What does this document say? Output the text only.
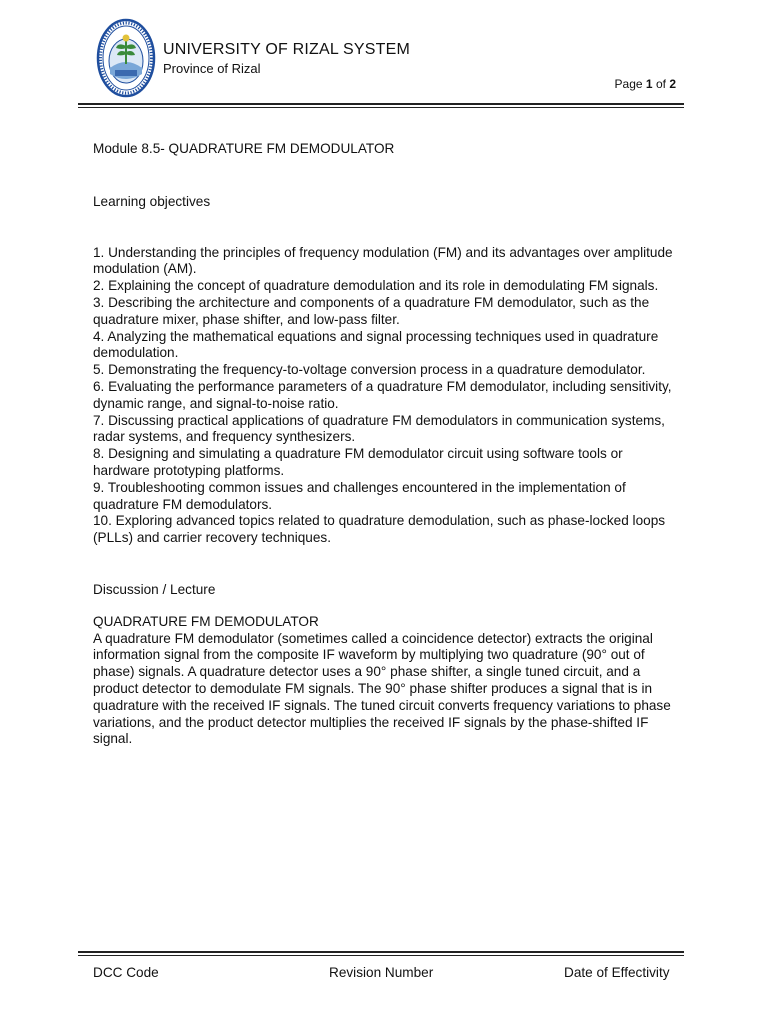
UNIVERSITY OF RIZAL SYSTEM
Province of Rizal
Page 1 of 2

Module 8.5- QUADRATURE FM DEMODULATOR

Learning objectives

1. Understanding the principles of frequency modulation (FM) and its advantages over amplitude modulation (AM).

2. Explaining the concept of quadrature demodulation and its role in demodulating FM signals.

3. Describing the architecture and components of a quadrature FM demodulator, such as the quadrature mixer, phase shifter, and low-pass filter.

4. Analyzing the mathematical equations and signal processing techniques used in quadrature demodulation.

5. Demonstrating the frequency-to-voltage conversion process in a quadrature demodulator.

6. Evaluating the performance parameters of a quadrature FM demodulator, including sensitivity, dynamic range, and signal-to-noise ratio.

7. Discussing practical applications of quadrature FM demodulators in communication systems, radar systems, and frequency synthesizers.

8. Designing and simulating a quadrature FM demodulator circuit using software tools or hardware prototyping platforms.

9. Troubleshooting common issues and challenges encountered in the implementation of quadrature FM demodulators.

10. Exploring advanced topics related to quadrature demodulation, such as phase-locked loops (PLLs) and carrier recovery techniques.

Discussion / Lecture

QUADRATURE FM DEMODULATOR

A quadrature FM demodulator (sometimes called a coincidence detector) extracts the original information signal from the composite IF waveform by multiplying two quadrature (90° out of phase) signals. A quadrature detector uses a 90° phase shifter, a single tuned circuit, and a product detector to demodulate FM signals. The 90° phase shifter produces a signal that is in quadrature with the received IF signals. The tuned circuit converts frequency variations to phase variations, and the product detector multiplies the received IF signals by the phase-shifted IF signal.

DCC Code	Revision Number	Date of Effectivity
